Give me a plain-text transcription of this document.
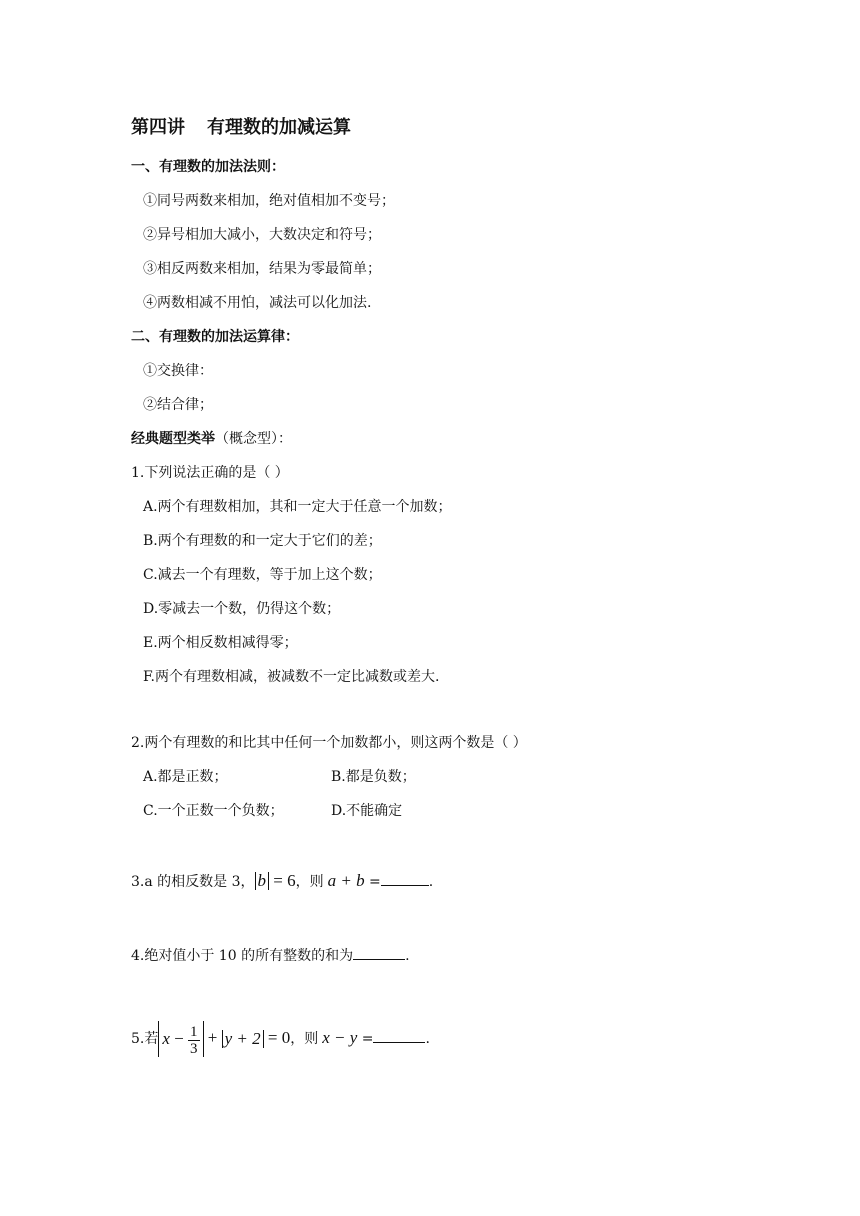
第四讲 有理数的加减运算
一、有理数的加法法则：
①同号两数来相加，绝对值相加不变号；
②异号相加大减小，大数决定和符号；
③相反两数来相加，结果为零最简单；
④两数相减不用怕，减法可以化加法.
二、有理数的加法运算律：
①交换律：
②结合律；
经典题型类举（概念型）：
1.下列说法正确的是（ ）
A.两个有理数相加，其和一定大于任意一个加数；
B.两个有理数的和一定大于它们的差；
C.减去一个有理数，等于加上这个数；
D.零减去一个数，仍得这个数；
E.两个相反数相减得零；
F.两个有理数相减，被减数不一定比减数或差大.
2.两个有理数的和比其中任何一个加数都小，则这两个数是（ ）
A.都是正数；	B.都是负数；
C.一个正数一个负数；	D.不能确定
3.a 的相反数是 3， b = 6，则 a + b =	.
4.绝对值小于 10 的所有整数的和为	.
5.若 $x - \frac{1}{3} + y + 2 = 0$，则 x − y =	.
